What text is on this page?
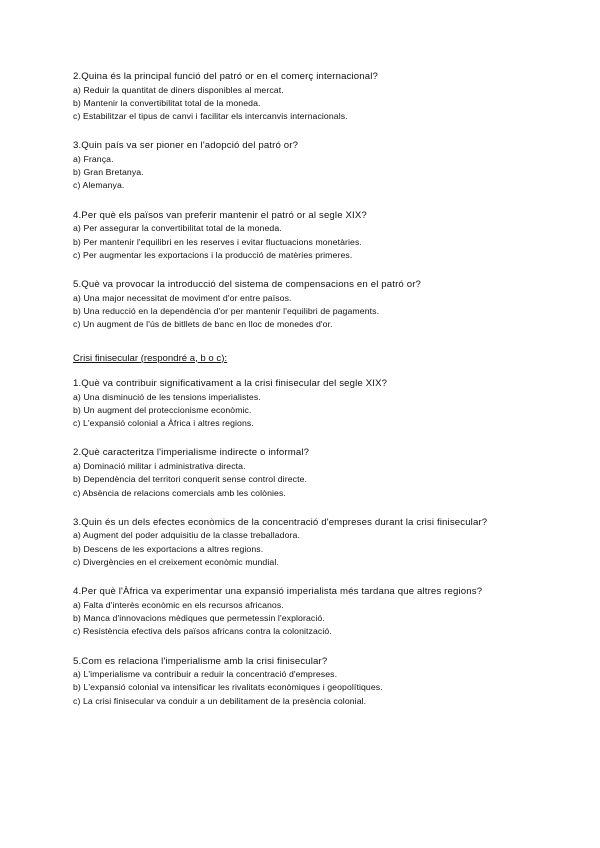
2.Quina és la principal funció del patró or en el comerç internacional?
a) Reduir la quantitat de diners disponibles al mercat.
b) Mantenir la convertibilitat total de la moneda.
c) Estabilitzar el tipus de canvi i facilitar els intercanvis internacionals.
3.Quin país va ser pioner en l'adopció del patró or?
a) França.
b) Gran Bretanya.
c) Alemanya.
4.Per què els països van preferir mantenir el patró or al segle XIX?
a) Per assegurar la convertibilitat total de la moneda.
b) Per mantenir l'equilibri en les reserves i evitar fluctuacions monetàries.
c) Per augmentar les exportacions i la producció de matèries primeres.
5.Què va provocar la introducció del sistema de compensacions en el patró or?
a) Una major necessitat de moviment d'or entre països.
b) Una reducció en la dependència d'or per mantenir l'equilibri de pagaments.
c) Un augment de l'ús de bitllets de banc en lloc de monedes d'or.
Crisi finisecular (respondré a, b o c):
1.Què va contribuir significativament a la crisi finisecular del segle XIX?
a) Una disminució de les tensions imperialistes.
b) Un augment del proteccionisme econòmic.
c) L'expansió colonial a Àfrica i altres regions.
2.Què caracteritza l'imperialisme indirecte o informal?
a) Dominació militar i administrativa directa.
b) Dependència del territori conquerit sense control directe.
c) Absència de relacions comercials amb les colònies.
3.Quin és un dels efectes econòmics de la concentració d'empreses durant la crisi finisecular?
a) Augment del poder adquisitiu de la classe treballadora.
b) Descens de les exportacions a altres regions.
c) Divergències en el creixement econòmic mundial.
4.Per què l'Àfrica va experimentar una expansió imperialista més tardana que altres regions?
a) Falta d'interès econòmic en els recursos africanos.
b) Manca d'innovacions mèdiques que permetessin l'exploració.
c) Resistència efectiva dels països africans contra la colonització.
5.Com es relaciona l'imperialisme amb la crisi finisecular?
a) L'imperialisme va contribuir a reduir la concentració d'empreses.
b) L'expansió colonial va intensificar les rivalitats econòmiques i geopolítiques.
c) La crisi finisecular va conduir a un debilitament de la presència colonial.
